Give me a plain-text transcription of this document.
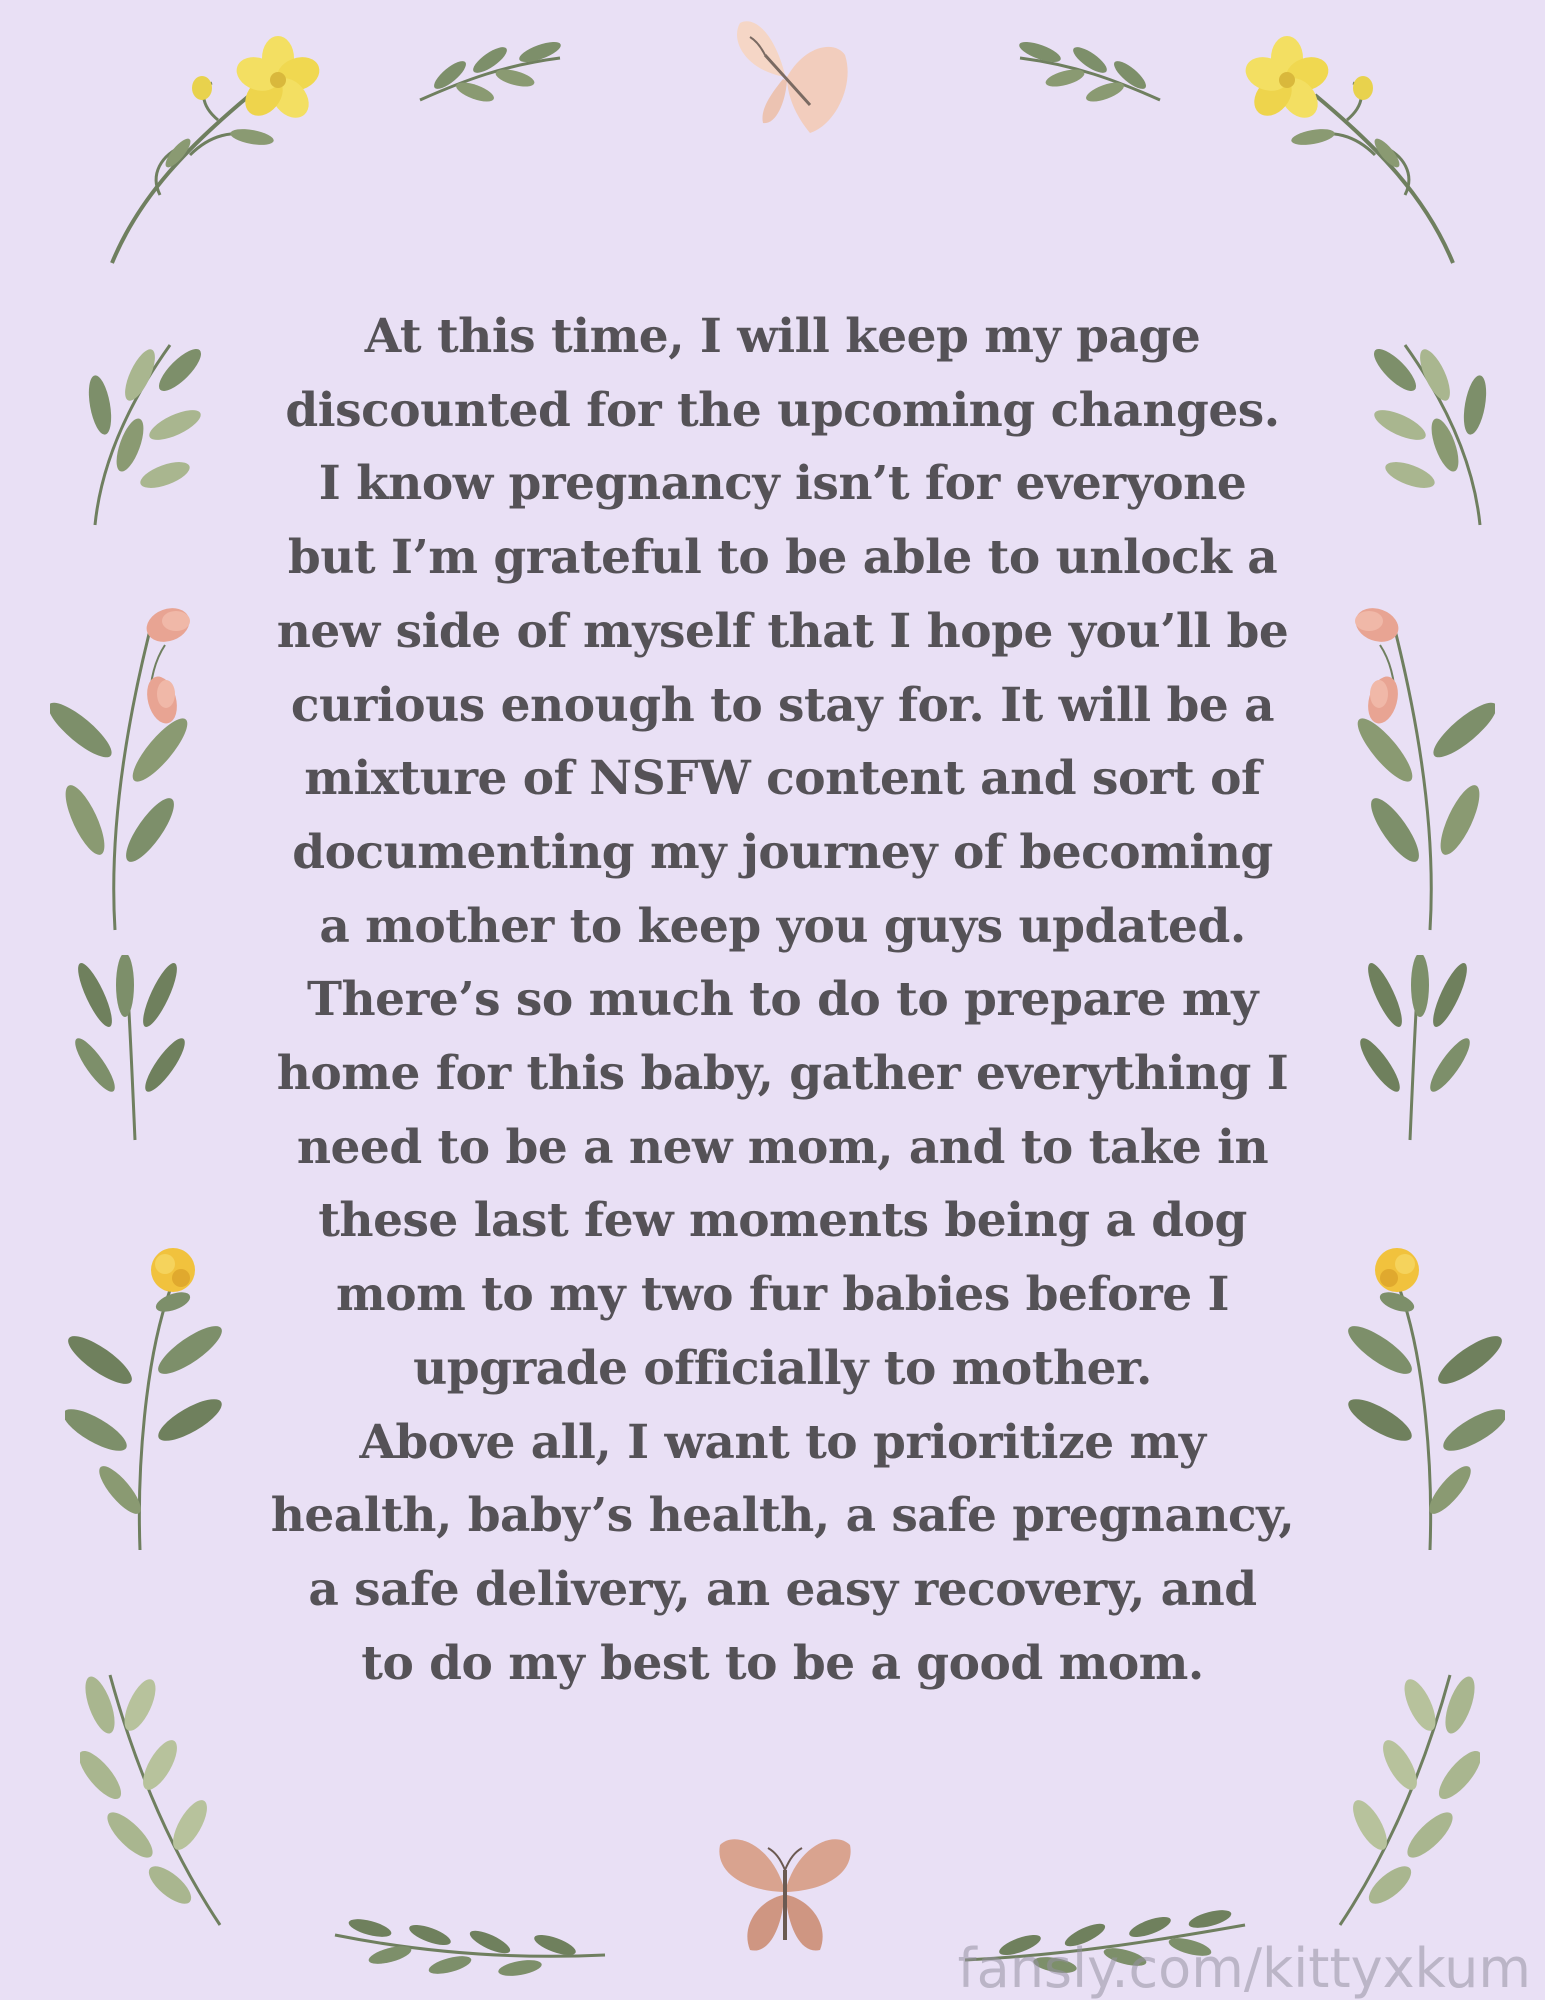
At this time, I will keep my page
discounted for the upcoming changes.
I know pregnancy isn’t for everyone
but I’m grateful to be able to unlock a
new side of myself that I hope you’ll be
curious enough to stay for. It will be a
mixture of NSFW content and sort of
documenting my journey of becoming
a mother to keep you guys updated.
There’s so much to do to prepare my
home for this baby, gather everything I
need to be a new mom, and to take in
these last few moments being a dog
mom to my two fur babies before I
upgrade officially to mother.
Above all, I want to prioritize my
health, baby’s health, a safe pregnancy,
a safe delivery, an easy recovery, and
to do my best to be a good mom.
fansly.com/kittyxkum
